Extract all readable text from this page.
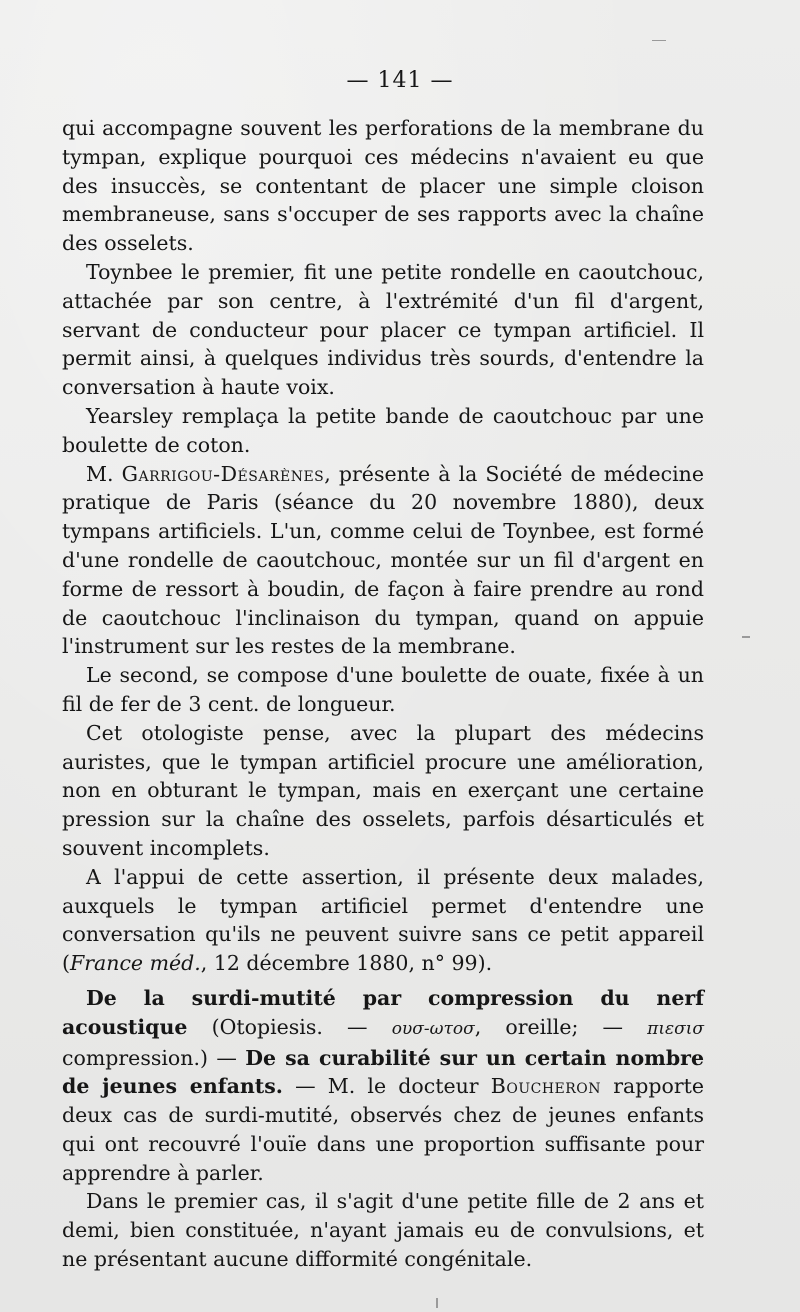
— 141 —

qui accompagne souvent les perforations de la membrane du tympan, explique pourquoi ces médecins n'avaient eu que des insuccès, se contentant de placer une simple cloison membraneuse, sans s'occuper de ses rapports avec la chaîne des osselets.

Toynbee le premier, fit une petite rondelle en caoutchouc, attachée par son centre, à l'extrémité d'un fil d'argent, servant de conducteur pour placer ce tympan artificiel. Il permit ainsi, à quelques individus très sourds, d'entendre la conversation à haute voix.

Yearsley remplaça la petite bande de caoutchouc par une boulette de coton.

M. Garrigou-Désarènes, présente à la Société de médecine pratique de Paris (séance du 20 novembre 1880), deux tympans artificiels. L'un, comme celui de Toynbee, est formé d'une rondelle de caoutchouc, montée sur un fil d'argent en forme de ressort à boudin, de façon à faire prendre au rond de caoutchouc l'inclinaison du tympan, quand on appuie l'instrument sur les restes de la membrane.

Le second, se compose d'une boulette de ouate, fixée à un fil de fer de 3 cent. de longueur.

Cet otologiste pense, avec la plupart des médecins auristes, que le tympan artificiel procure une amélioration, non en obturant le tympan, mais en exerçant une certaine pression sur la chaîne des osselets, parfois désarticulés et souvent incomplets.

A l'appui de cette assertion, il présente deux malades, auxquels le tympan artificiel permet d'entendre une conversation qu'ils ne peuvent suivre sans ce petit appareil (France méd., 12 décembre 1880, n° 99).

De la surdi-mutité par compression du nerf acoustique (Otopiesis. — ουσ-ωτοσ, oreille; — πιεσισ compression.) — De sa curabilité sur un certain nombre de jeunes enfants. — M. le docteur Boucheron rapporte deux cas de surdi-mutité, observés chez de jeunes enfants qui ont recouvré l'ouïe dans une proportion suffisante pour apprendre à parler.

Dans le premier cas, il s'agit d'une petite fille de 2 ans et demi, bien constituée, n'ayant jamais eu de convulsions, et ne présentant aucune difformité congénitale.
